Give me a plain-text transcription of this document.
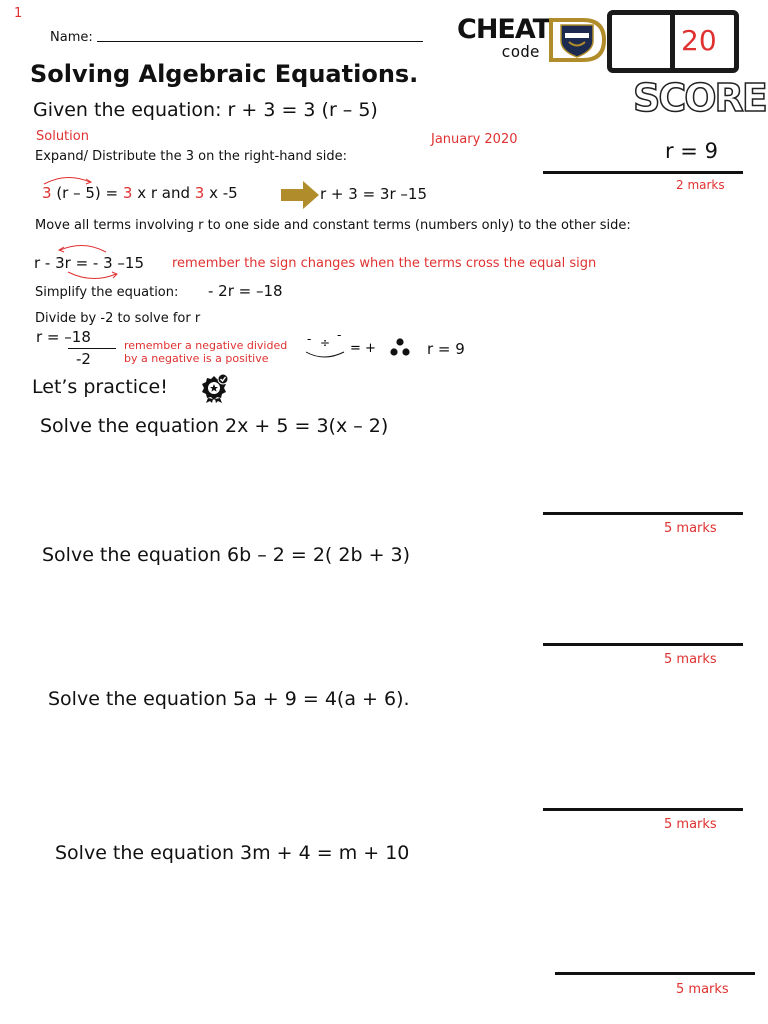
1
Name:
Solving Algebraic Equations.
CHEAT
code	20
SCORE
Given the equation: r + 3 = 3 (r – 5)
Solution	January 2020	r = 9
2 marks
Expand/ Distribute the 3 on the right-hand side:
3 (r – 5) = 3 x r and 3 x -5	r + 3 = 3r –15
Move all terms involving r to one side and constant terms (numbers only) to the other side:
r - 3r = - 3 –15 remember the sign changes when the terms cross the equal sign
Simplify the equation: - 2r = –18
Divide by -2 to solve for r
r = –18
-2
remember a negative divided by a negative is a positive
- ÷
-
= +	r = 9
Let’s practice!
Solve the equation 2x + 5 = 3(x – 2)
5 marks
Solve the equation 6b – 2 = 2( 2b + 3)
5 marks
Solve the equation 5a + 9 = 4(a + 6).
5 marks
Solve the equation 3m + 4 = m + 10
5 marks
